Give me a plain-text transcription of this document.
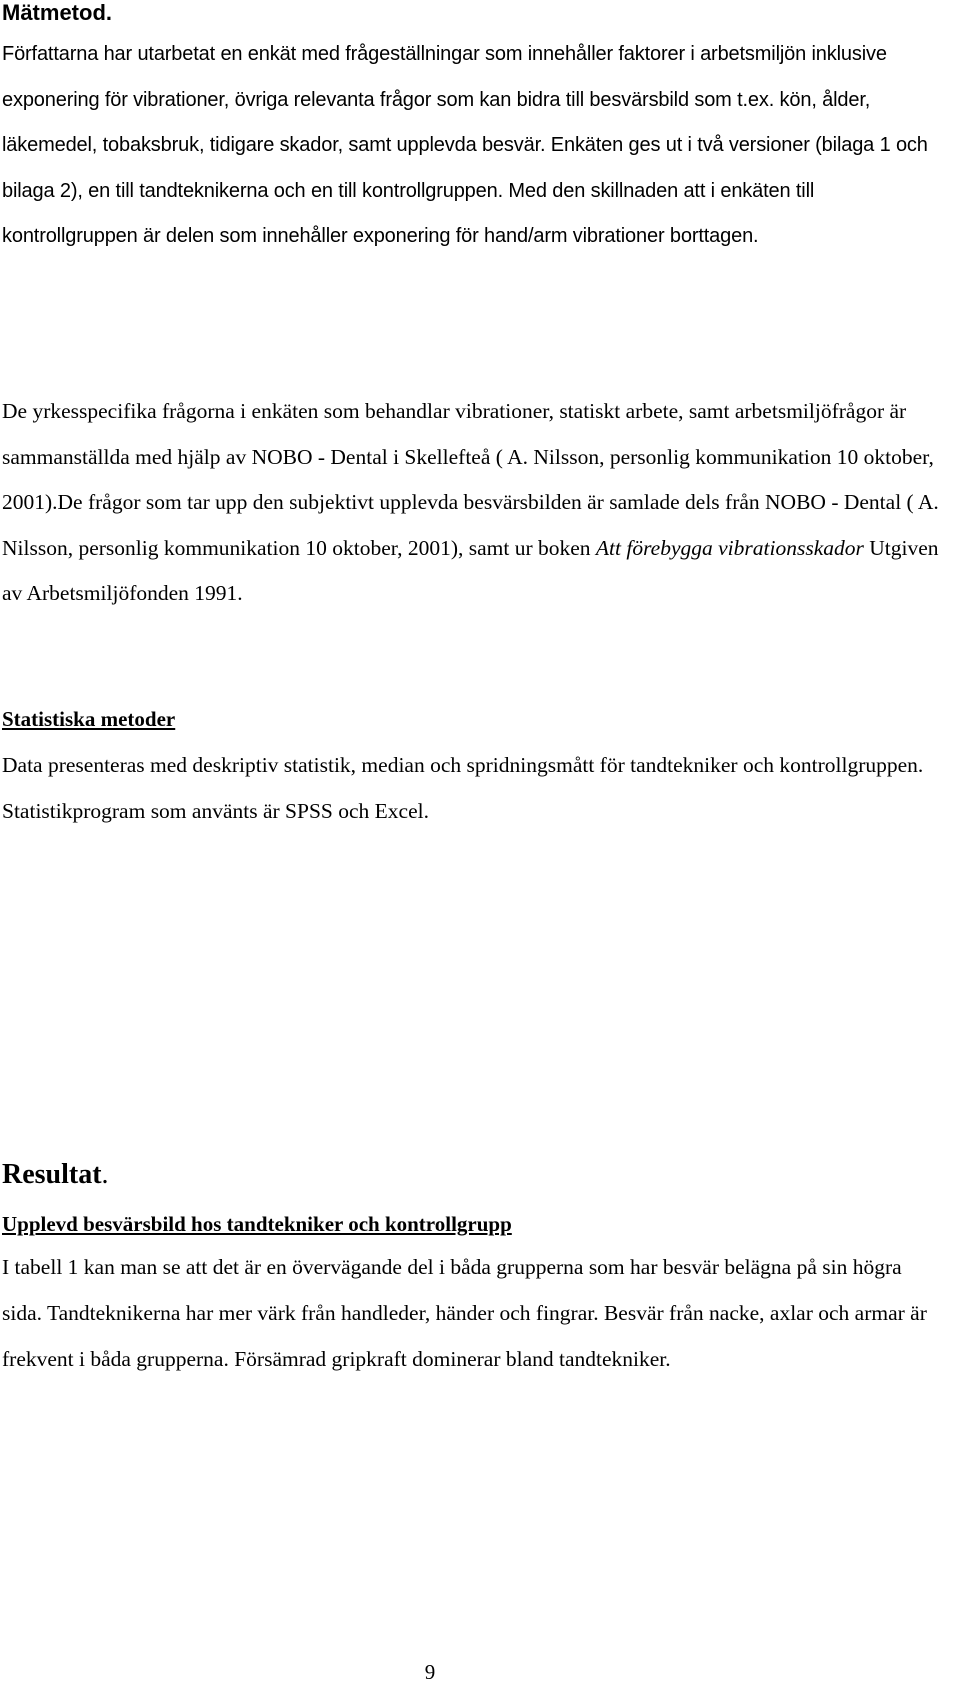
Mätmetod.

Författarna har utarbetat en enkät med frågeställningar som innehåller faktorer i arbetsmiljön inklusive exponering för vibrationer, övriga relevanta frågor som kan bidra till besvärsbild som t.ex. kön, ålder, läkemedel, tobaksbruk, tidigare skador, samt upplevda besvär. Enkäten ges ut i två versioner (bilaga 1 och bilaga 2), en till tandteknikerna och en till kontrollgruppen. Med den skillnaden att i enkäten till kontrollgruppen är delen som innehåller exponering för hand/arm vibrationer borttagen.

De yrkesspecifika frågorna i enkäten som behandlar vibrationer, statiskt arbete, samt arbetsmiljöfrågor är sammanställda med hjälp av NOBO - Dental i Skellefteå ( A. Nilsson, personlig kommunikation 10 oktober, 2001).De frågor som tar upp den subjektivt upplevda besvärsbilden är samlade dels från NOBO - Dental ( A. Nilsson, personlig kommunikation 10 oktober, 2001), samt ur boken Att förebygga vibrationsskador Utgiven av Arbetsmiljöfonden 1991.

Statistiska metoder

Data presenteras med deskriptiv statistik, median och spridningsmått för tandtekniker och kontrollgruppen. Statistikprogram som använts är SPSS och Excel.

Resultat.
Upplevd besvärsbild hos tandtekniker och kontrollgrupp

I tabell 1 kan man se att det är en övervägande del i båda grupperna som har besvär belägna på sin högra sida. Tandteknikerna har mer värk från handleder, händer och fingrar. Besvär från nacke, axlar och armar är frekvent i båda grupperna. Försämrad gripkraft dominerar bland tandtekniker.

9
